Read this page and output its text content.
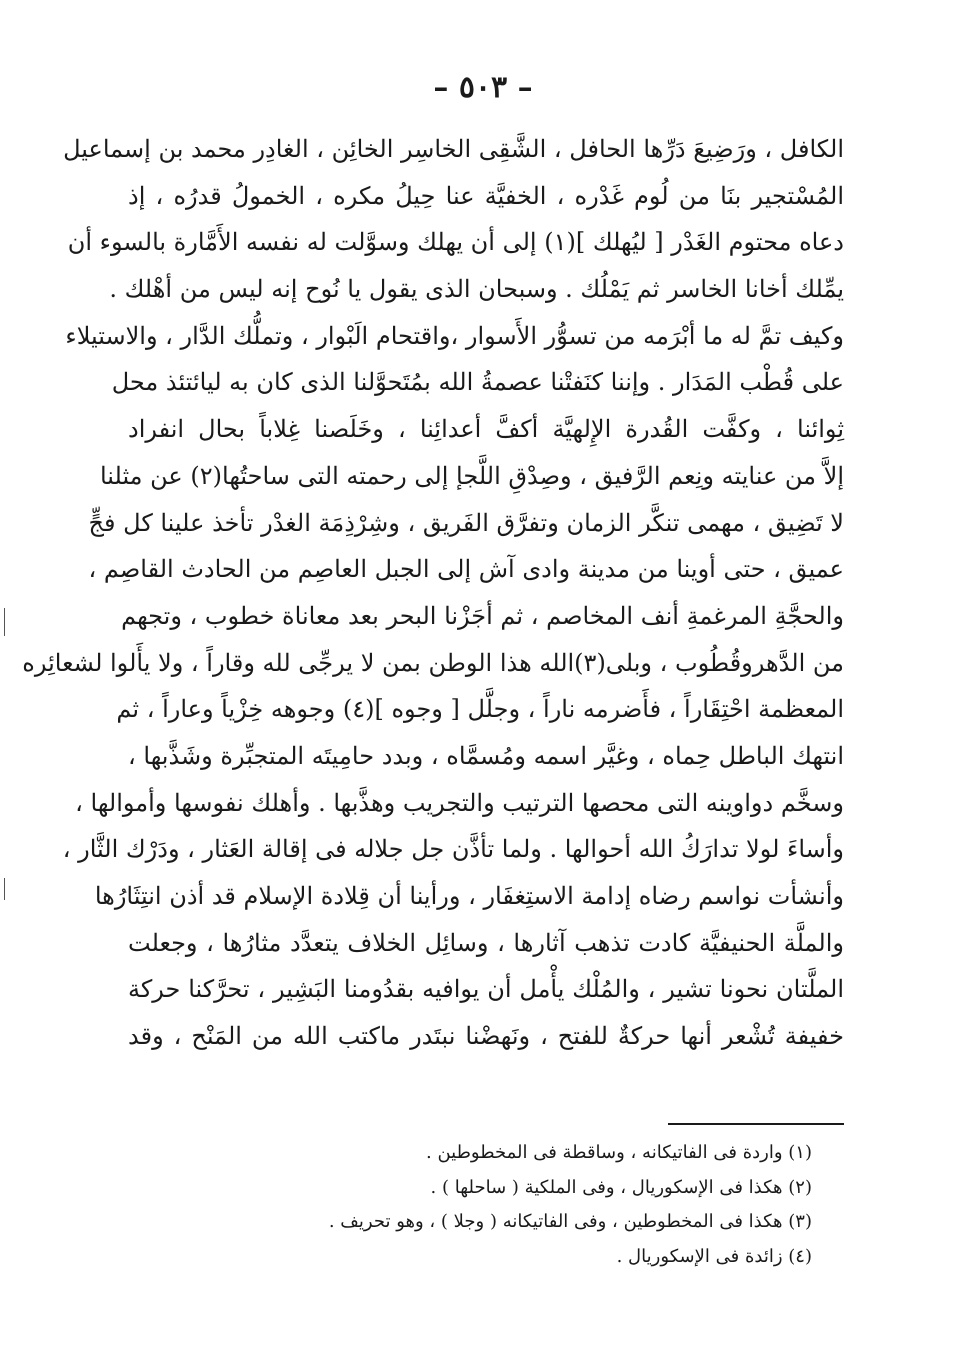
– ٥٠٣ –
الكافل ، ورَضِيعَ دَرِّها الحافل ، الشَّقِى الخاسِر الخائِن ، الغادِر محمد بن إسماعيل
المُسْتجير بنَا من لُوم غَدْره ، الخفيَّة عنا حِيلُ مكره ، الخمولُ قدرُه ، إذ
دعاه محتوم الغَدْر [ ليُهلك ](١) إلى أن يهلك وسوَّلت له نفسه الأَمَّارة بالسوء أن
يمِّلك أخانا الخاسر ثم يَمْلُك . وسبحان الذى يقول يا نُوح إنه ليس من أهْلك .
وكيف تمَّ له ما أبْرَمه من تسوُّر الأَسوار ،واقتحام الَبْوار ، وتملُّك الدَّار ، والاستيلاء
على قُطْب المَدَار . وإننا كنَفتْنا عصمةُ الله بمُتَحوَّلنا الذى كان به ليائتئذ محل
ثِوائنا ، وكفَّت القُدرة الإِلهيَّة أكفَّ أعدائِنا ، وخَلَصنا غِلاباً بحال انفراد
إلاَّ من عنايته ونِعم الرَّفيق ، وصِدْقِ اللَّجإ إلى رحمته التى ساحتُها(٢) عن مثلنا
لا تَضِيق ، مهمى تنكَّر الزمان وتفرَّق الفَريق ، وشِرْذِمَة الغدْر تأخذ علينا كل فجٍّ
عميق ، حتى أوينا من مدينة وادى آش إلى الجبل العاصِم من الحادث القاصِم ،
والحجَّةِ المرغمةِ أنف المخاصم ، ثم أجَزْنا البحر بعد معاناة خطوب ، وتجهم
من الدَّهروقُطُوب ، وبلى(٣)الله هذا الوطن بمن لا يرجِّى لله وقاراً ، ولا يأَلوا لشعائِره
المعظمة احْتِقَاراً ، فأَضرمه ناراً ، وجلَّل [ وجوه ](٤) وجوهه خِزْياً وعاراً ، ثم
انتهك الباطل حِماه ، وغيَّر اسمه ومُسمَّاه ، وبدد حامِيتَه المتجبِّرة وشَذَّبها ،
وسخَّم دواوينه التى محصها الترتيب والتجريب وهذَّبها . وأهلك نفوسها وأموالها ،
وأساءَ لولا تدارَكُ الله أحوالها . ولما تأذَّن جل جلاله فى إقالة العَثار ، ودَرْك الثَّار ،
وأنشأت نواسم رضاه إدامة الاستِغفَار ، ورأينا أن قِلادة الإسلام قد أذن انتِثَارُها
والملَّة الحنيفيَّة كادت تذهب آثارها ، وسائِل الخلاف يتعدَّد مثارُها ، وجعلت
الملَّتان نحونا تشير ، والمُلْك يأْمل أن يوافيه بقدُومنا البَشِير ، تحرَّكنا حركة
خفيفة تُشْعر أنها حركةٌ للفتح ، ونَهضْنا نبتَدر ماكتب الله من المَنْح ، وقد
(١) واردة فى الفاتيكانه ، وساقطة فى المخطوطين .
(٢) هكذا فى الإسكوريال ، وفى الملكية ( ساحلها ) .
(٣) هكذا فى المخطوطين ، وفى الفاتيكانه ( وجلا ) ، وهو تحريف .
(٤) زائدة فى الإسكوريال .
